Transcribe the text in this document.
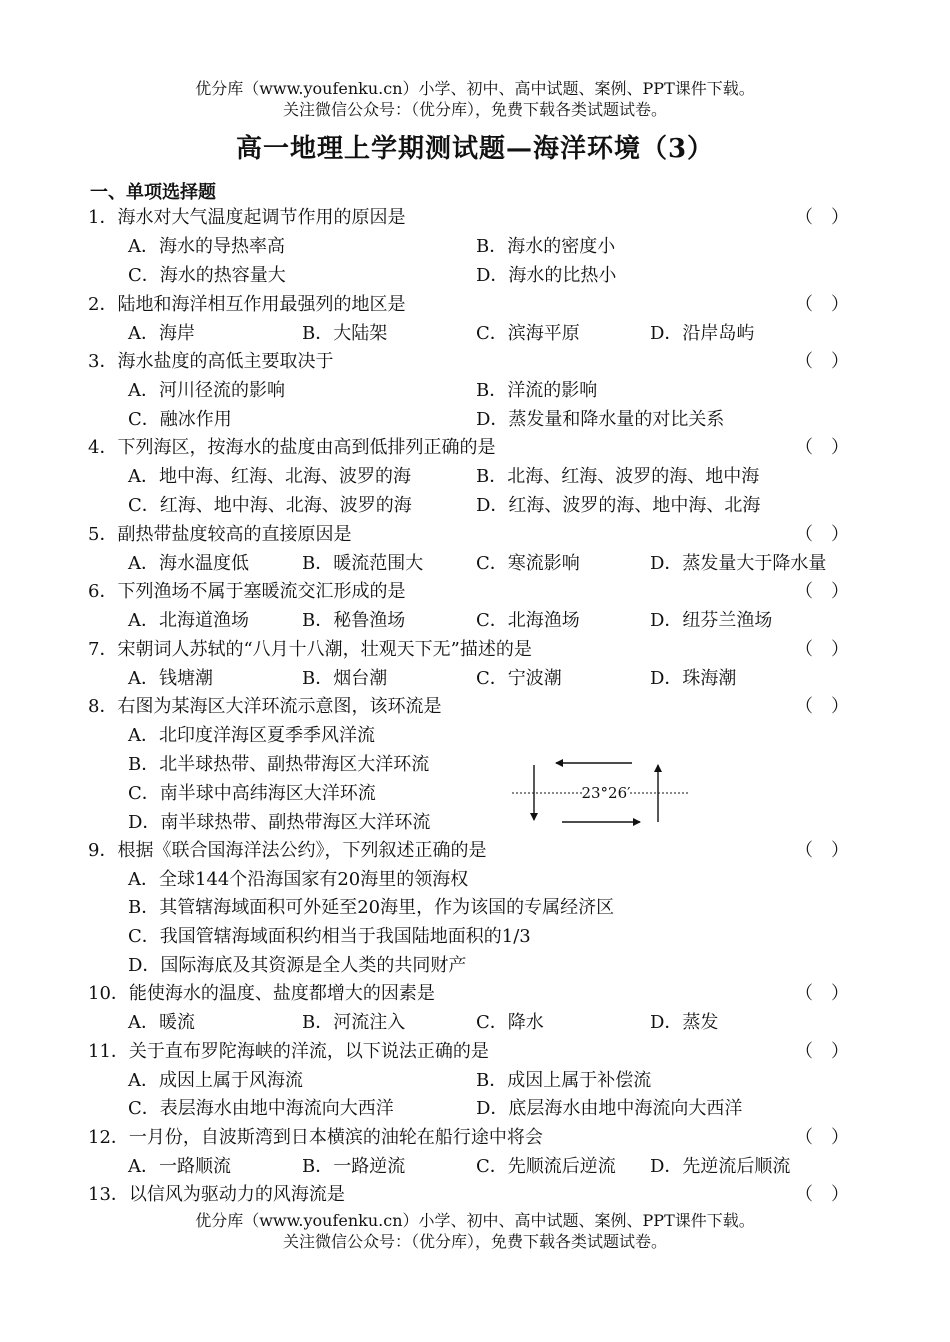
优分库（www.youfenku.cn）小学、初中、高中试题、案例、PPT课件下载。
关注微信公众号：（优分库），免费下载各类试题试卷。
高一地理上学期测试题—海洋环境（3）
一、单项选择题
1．海水对大气温度起调节作用的原因是	（　）
A．海水的导热率高	B．海水的密度小
C．海水的热容量大	D．海水的比热小
2．陆地和海洋相互作用最强列的地区是	（　）
A．海岸	B．大陆架	C．滨海平原	D．沿岸岛屿
3．海水盐度的高低主要取决于	（　）
A．河川径流的影响	B．洋流的影响
C．融冰作用	D．蒸发量和降水量的对比关系
4．下列海区，按海水的盐度由高到低排列正确的是	（　）
A．地中海、红海、北海、波罗的海	B．北海、红海、波罗的海、地中海
C．红海、地中海、北海、波罗的海	D．红海、波罗的海、地中海、北海
5．副热带盐度较高的直接原因是	（　）
A．海水温度低	B．暖流范围大	C．寒流影响	D．蒸发量大于降水量
6．下列渔场不属于塞暖流交汇形成的是	（　）
A．北海道渔场	B．秘鲁渔场	C．北海渔场	D．纽芬兰渔场
7．宋朝词人苏轼的“八月十八潮，壮观天下无”描述的是	（　）
A．钱塘潮	B．烟台潮	C．宁波潮	D．珠海潮
8．右图为某海区大洋环流示意图，该环流是	（　）
A．北印度洋海区夏季季风洋流
B．北半球热带、副热带海区大洋环流
C．南半球中高纬海区大洋环流
D．南半球热带、副热带海区大洋环流
23°26′
9．根据《联合国海洋法公约》，下列叙述正确的是	（　）
A．全球144个沿海国家有20海里的领海权
B．其管辖海域面积可外延至20海里，作为该国的专属经济区
C．我国管辖海域面积约相当于我国陆地面积的1/3
D．国际海底及其资源是全人类的共同财产
10．能使海水的温度、盐度都增大的因素是	（　）
A．暖流	B．河流注入	C．降水	D．蒸发
11．关于直布罗陀海峡的洋流，以下说法正确的是	（　）
A．成因上属于风海流	B．成因上属于补偿流
C．表层海水由地中海流向大西洋	D．底层海水由地中海流向大西洋
12．一月份，自波斯湾到日本横滨的油轮在船行途中将会	（　）
A．一路顺流	B．一路逆流	C．先顺流后逆流 D．先逆流后顺流
13．以信风为驱动力的风海流是	（　）
优分库（www.youfenku.cn）小学、初中、高中试题、案例、PPT课件下载。
关注微信公众号：（优分库），免费下载各类试题试卷。
